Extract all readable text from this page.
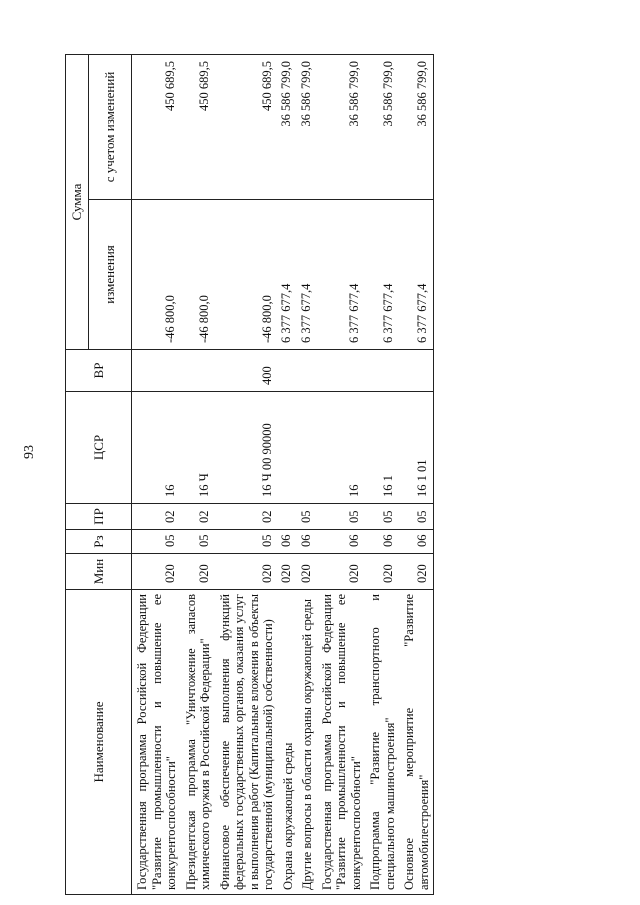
93
Наименование	Мин	Рз	ПР	ЦСР	ВР	Сумма	
						изменения	с учетом изменений
Государственная программа Российской Федерации "Развитие промышленности и повышение ее конкурентоспособности"	020	05	02	16		-46 800,0	450 689,5
Президентская программа "Уничтожение запасов химического оружия в Российской Федерации"	020	05	02	16 Ч		-46 800,0	450 689,5
Финансовое обеспечение выполнения функций федеральных государственных органов, оказания услуг и выполнения работ (Капитальные вложения в объекты государственной (муниципальной) собственности)	020	05	02	16 Ч 00 90000	400	-46 800,0	450 689,5
Охрана окружающей среды	020	06				6 377 677,4	36 586 799,0
Другие вопросы в области охраны окружающей среды	020	06	05			6 377 677,4	36 586 799,0
Государственная программа Российской Федерации "Развитие промышленности и повышение ее конкурентоспособности"	020	06	05	16		6 377 677,4	36 586 799,0
Подпрограмма "Развитие транспортного и специального машиностроения"	020	06	05	16 1		6 377 677,4	36 586 799,0
Основное мероприятие "Развитие автомобилестроения"	020	06	05	16 1 01		6 377 677,4	36 586 799,0
